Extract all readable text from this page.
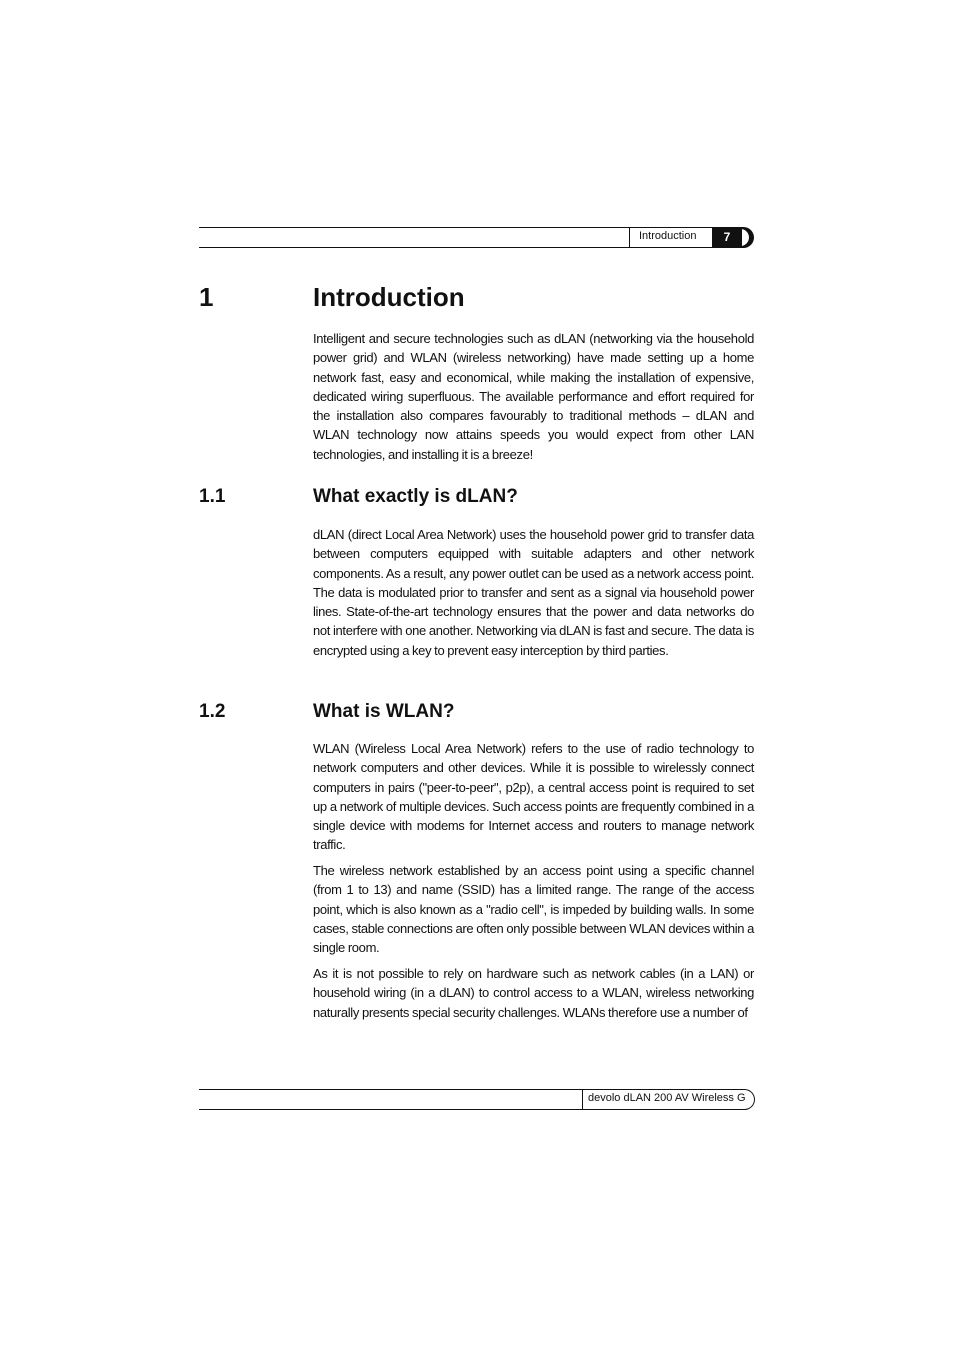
Introduction	7
1	Introduction

Intelligent and secure technologies such as dLAN (networking via the household power grid) and WLAN (wireless networking) have made setting up a home network fast, easy and economical, while making the installation of expensive, dedicated wiring superfluous. The available performance and effort required for the installation also compares favourably to traditional methods – dLAN and WLAN technology now attains speeds you would expect from other LAN technologies, and installing it is a breeze!

1.1	What exactly is dLAN?

dLAN (direct Local Area Network) uses the household power grid to transfer data between computers equipped with suitable adapters and other network components. As a result, any power outlet can be used as a network access point. The data is modulated prior to transfer and sent as a signal via household power lines. State-of-the-art technology ensures that the power and data networks do not interfere with one another. Networking via dLAN is fast and secure. The data is encrypted using a key to prevent easy interception by third parties.

1.2	What is WLAN?

WLAN (Wireless Local Area Network) refers to the use of radio technology to network computers and other devices. While it is possible to wirelessly connect computers in pairs ("peer-to-peer", p2p), a central access point is required to set up a network of multiple devices. Such access points are frequently combined in a single device with modems for Internet access and routers to manage network traffic.

The wireless network established by an access point using a specific channel (from 1 to 13) and name (SSID) has a limited range. The range of the access point, which is also known as a "radio cell", is impeded by building walls. In some cases, stable connections are often only possible between WLAN devices within a single room.

As it is not possible to rely on hardware such as network cables (in a LAN) or household wiring (in a dLAN) to control access to a WLAN, wireless networking naturally presents special security challenges. WLANs therefore use a number of

devolo dLAN 200 AV Wireless G
